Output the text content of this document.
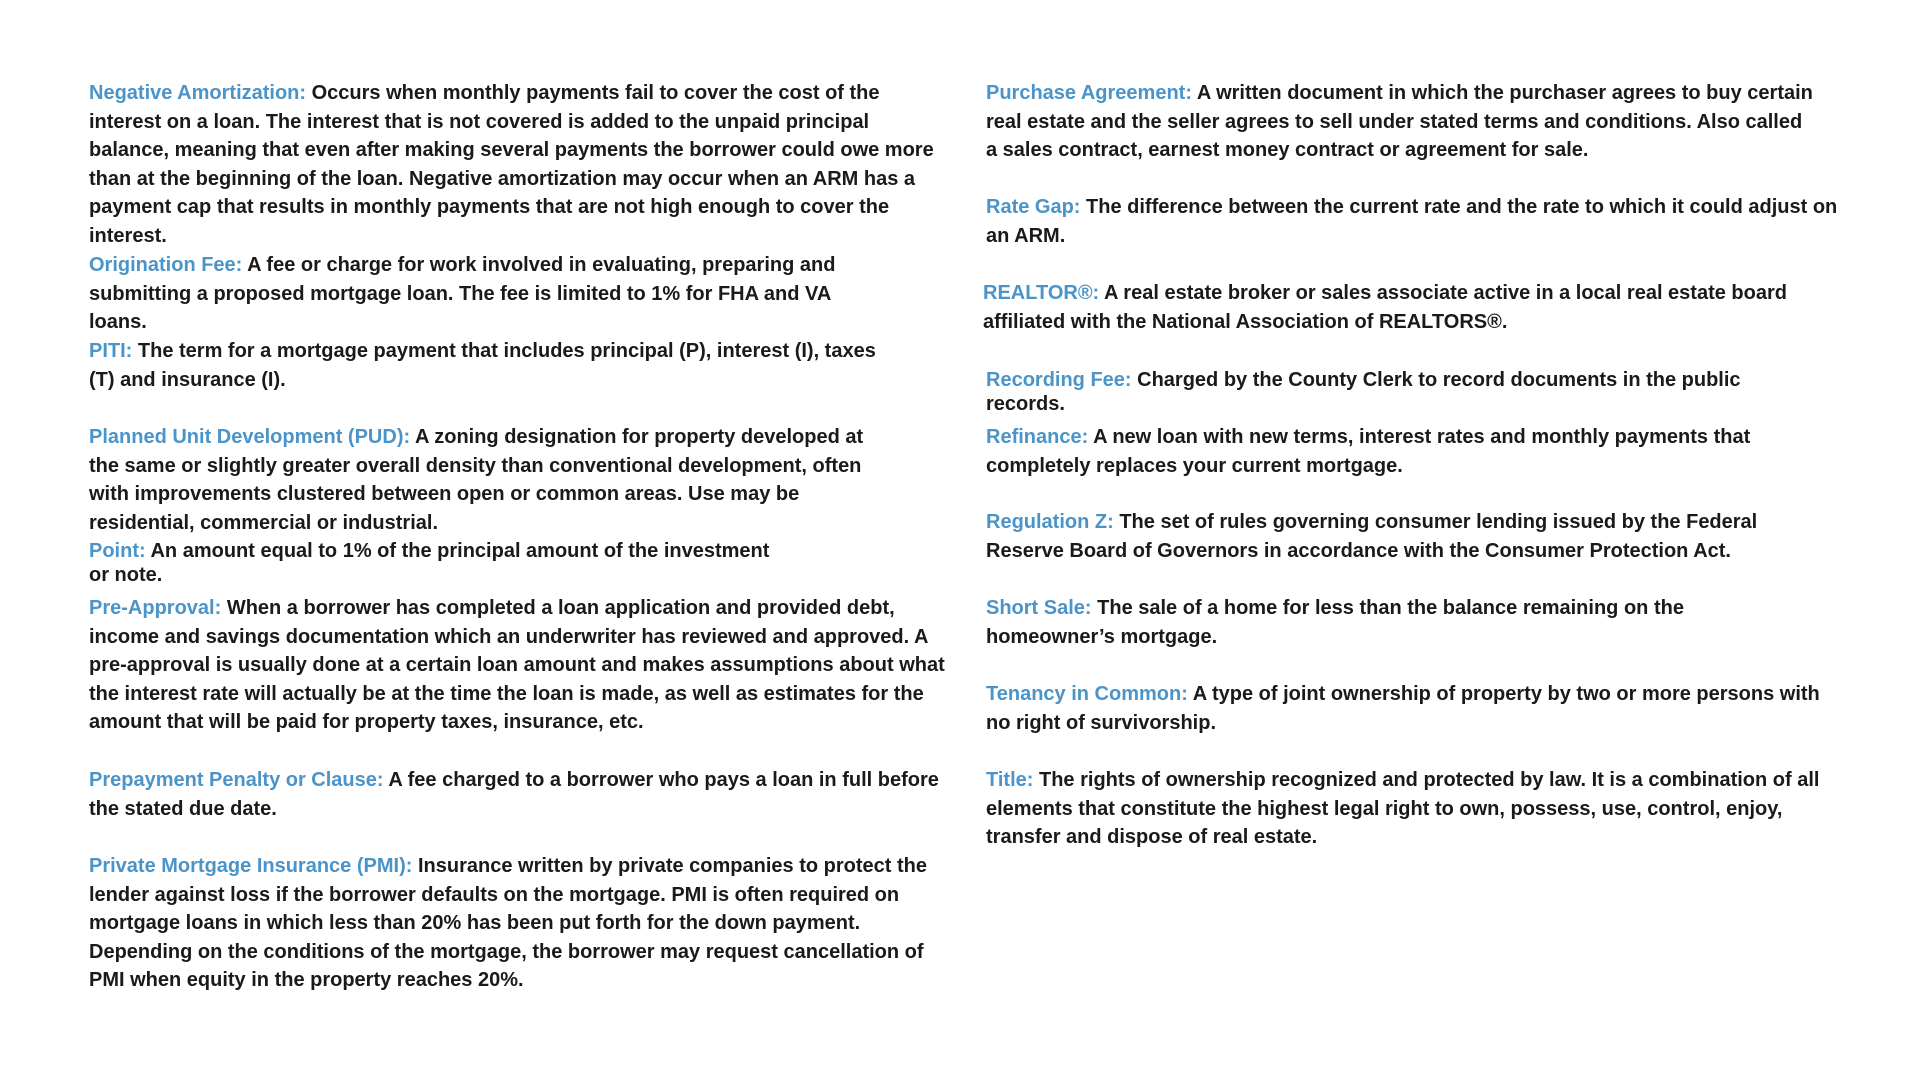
Negative Amortization: Occurs when monthly payments fail to cover the cost of the interest on a loan. The interest that is not covered is added to the unpaid principal balance, meaning that even after making several payments the borrower could owe more than at the beginning of the loan. Negative amortization may occur when an ARM has a payment cap that results in monthly payments that are not high enough to cover the interest.

Origination Fee: A fee or charge for work involved in evaluating, preparing and submitting a proposed mortgage loan. The fee is limited to 1% for FHA and VA loans.

PITI: The term for a mortgage payment that includes principal (P), interest (I), taxes (T) and insurance (I).

Planned Unit Development (PUD): A zoning designation for property developed at the same or slightly greater overall density than conventional development, often with improvements clustered between open or common areas. Use may be residential, commercial or industrial.

Point: An amount equal to 1% of the principal amount of the investment or note.

Pre-Approval: When a borrower has completed a loan application and provided debt, income and savings documentation which an underwriter has reviewed and approved. A pre-approval is usually done at a certain loan amount and makes assumptions about what the interest rate will actually be at the time the loan is made, as well as estimates for the amount that will be paid for property taxes, insurance, etc.

Prepayment Penalty or Clause: A fee charged to a borrower who pays a loan in full before the stated due date.

Private Mortgage Insurance (PMI): Insurance written by private companies to protect the lender against loss if the borrower defaults on the mortgage. PMI is often required on mortgage loans in which less than 20% has been put forth for the down payment. Depending on the conditions of the mortgage, the borrower may request cancellation of PMI when equity in the property reaches 20%.

Purchase Agreement: A written document in which the purchaser agrees to buy certain real estate and the seller agrees to sell under stated terms and conditions. Also called a sales contract, earnest money contract or agreement for sale.

Rate Gap: The difference between the current rate and the rate to which it could adjust on an ARM.

REALTOR®: A real estate broker or sales associate active in a local real estate board affiliated with the National Association of REALTORS®.

Recording Fee: Charged by the County Clerk to record documents in the public records.

Refinance: A new loan with new terms, interest rates and monthly payments that completely replaces your current mortgage.

Regulation Z: The set of rules governing consumer lending issued by the Federal Reserve Board of Governors in accordance with the Consumer Protection Act.

Short Sale: The sale of a home for less than the balance remaining on the homeowner’s mortgage.

Tenancy in Common: A type of joint ownership of property by two or more persons with no right of survivorship.

Title: The rights of ownership recognized and protected by law. It is a combination of all elements that constitute the highest legal right to own, possess, use, control, enjoy, transfer and dispose of real estate.
